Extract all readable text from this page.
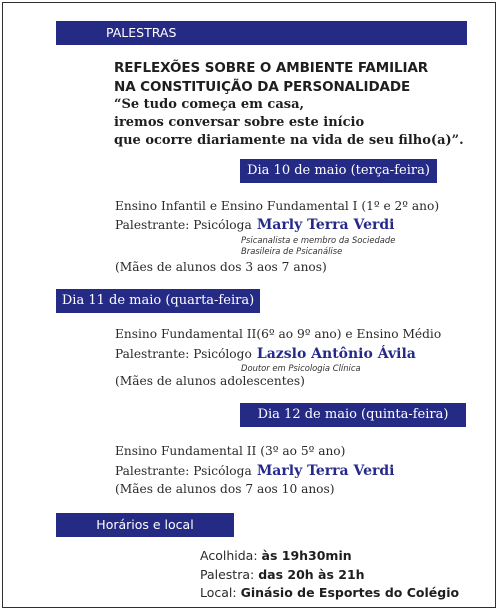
PALESTRAS
REFLEXÕES SOBRE O AMBIENTE FAMILIAR
NA CONSTITUIÇÃO DA PERSONALIDADE
“Se tudo começa em casa,
iremos conversar sobre este início
que ocorre diariamente na vida de seu filho(a)”.
Dia 10 de maio (terça-feira)
Ensino Infantil e Ensino Fundamental I (1º e 2º ano)
Palestrante: Psicóloga Marly Terra Verdi
Psicanalista e membro da Sociedade
Brasileira de Psicanálise
(Mães de alunos dos 3 aos 7 anos)
Dia 11 de maio (quarta-feira)
Ensino Fundamental II(6º ao 9º ano) e Ensino Médio
Palestrante: Psicólogo Lazslo Antônio Ávila
Doutor em Psicologia Clínica
(Mães de alunos adolescentes)
Dia 12 de maio (quinta-feira)
Ensino Fundamental II (3º ao 5º ano)
Palestrante: Psicóloga Marly Terra Verdi
(Mães de alunos dos 7 aos 10 anos)
Horários e local
Acolhida: às 19h30min
Palestra: das 20h às 21h
Local: Ginásio de Esportes do Colégio
